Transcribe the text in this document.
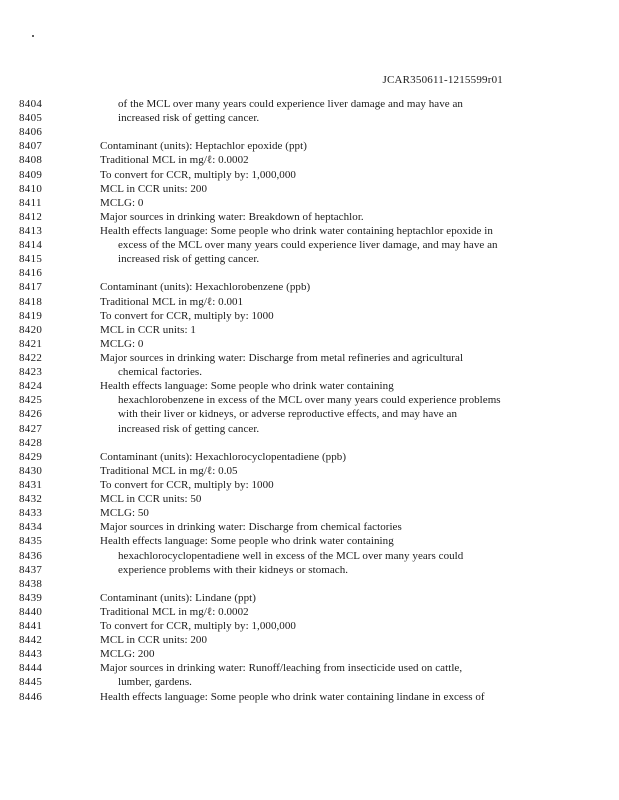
JCAR350611-1215599r01
8404	of the MCL over many years could experience liver damage and may have an
8405	increased risk of getting cancer.
8406
8407	Contaminant (units): Heptachlor epoxide (ppt)
8408	Traditional MCL in mg/ℓ: 0.0002
8409	To convert for CCR, multiply by: 1,000,000
8410	MCL in CCR units: 200
8411	MCLG: 0
8412	Major sources in drinking water: Breakdown of heptachlor.
8413	Health effects language: Some people who drink water containing heptachlor epoxide in
8414	excess of the MCL over many years could experience liver damage, and may have an
8415	increased risk of getting cancer.
8416
8417	Contaminant (units): Hexachlorobenzene (ppb)
8418	Traditional MCL in mg/ℓ: 0.001
8419	To convert for CCR, multiply by: 1000
8420	MCL in CCR units: 1
8421	MCLG: 0
8422	Major sources in drinking water: Discharge from metal refineries and agricultural
8423	chemical factories.
8424	Health effects language: Some people who drink water containing
8425	hexachlorobenzene in excess of the MCL over many years could experience problems
8426	with their liver or kidneys, or adverse reproductive effects, and may have an
8427	increased risk of getting cancer.
8428
8429	Contaminant (units): Hexachlorocyclopentadiene (ppb)
8430	Traditional MCL in mg/ℓ: 0.05
8431	To convert for CCR, multiply by: 1000
8432	MCL in CCR units: 50
8433	MCLG: 50
8434	Major sources in drinking water: Discharge from chemical factories
8435	Health effects language: Some people who drink water containing
8436	hexachlorocyclopentadiene well in excess of the MCL over many years could
8437	experience problems with their kidneys or stomach.
8438
8439	Contaminant (units): Lindane (ppt)
8440	Traditional MCL in mg/ℓ: 0.0002
8441	To convert for CCR, multiply by: 1,000,000
8442	MCL in CCR units: 200
8443	MCLG: 200
8444	Major sources in drinking water: Runoff/leaching from insecticide used on cattle,
8445	lumber, gardens.
8446	Health effects language: Some people who drink water containing lindane in excess of
